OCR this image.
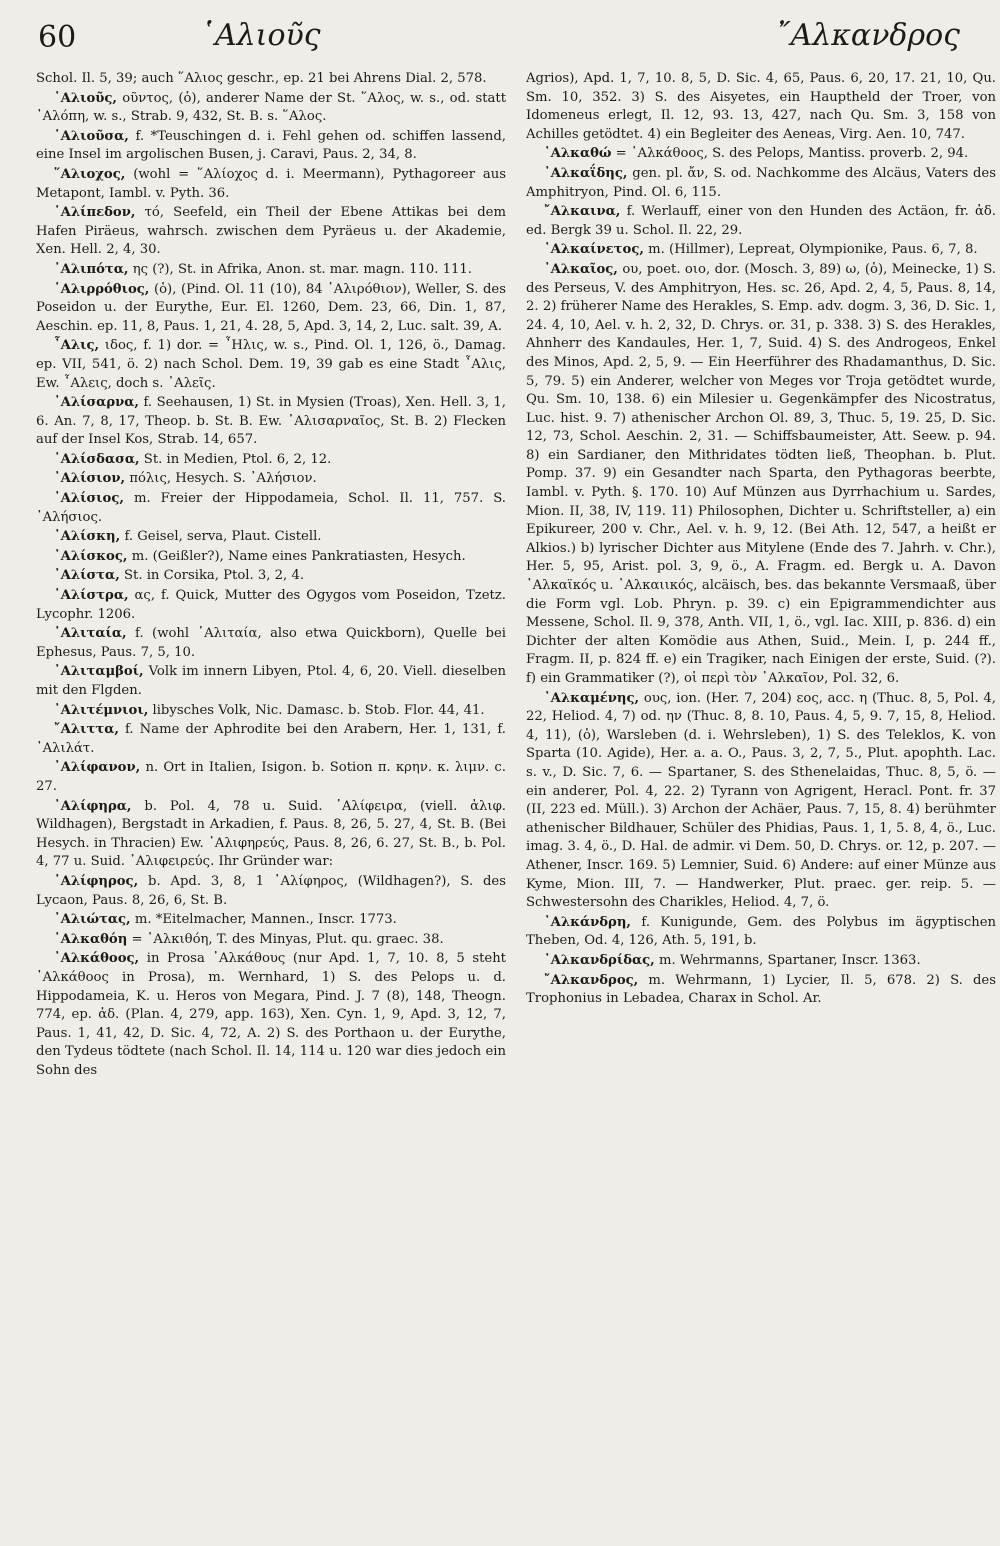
60	῾Αλιοῦς	῎Αλκανδρος

Schol. Il. 5, 39; auch ῞Αλιος geschr., ep. 21 bei Ahrens Dial. 2, 578.

῾Αλιοῦς, οῦντος, (ὁ), anderer Name der St. ῞Αλος, w. s., od. statt ᾽Αλόπη, w. s., Strab. 9, 432, St. B. s. ῞Αλος.

῾Αλιοῦσα, f. *Teuschingen d. i. Fehl gehen od. schiffen lassend, eine Insel im argolischen Busen, j. Caravi, Paus. 2, 34, 8.

῞Αλιοχος, (wohl = ῞Αλίοχος d. i. Meermann), Pythagoreer aus Metapont, Iambl. v. Pyth. 36.

῾Αλίπεδον, τό, Seefeld, ein Theil der Ebene Attikas bei dem Hafen Piräeus, wahrsch. zwischen dem Pyräeus u. der Akademie, Xen. Hell. 2, 4, 30.

᾽Αλιπότα, ης (?), St. in Afrika, Anon. st. mar. magn. 110. 111.

῾Αλιρρόθιος, (ὁ), (Pind. Ol. 11 (10), 84 ῾Αλιρόθιον), Weller, S. des Poseidon u. der Eurythe, Eur. El. 1260, Dem. 23, 66, Din. 1, 87, Aeschin. ep. 11, 8, Paus. 1, 21, 4. 28, 5, Apd. 3, 14, 2, Luc. salt. 39, A.

῏Αλις, ιδος, f. 1) dor. = ῏Ηλις, w. s., Pind. Ol. 1, 126, ö., Damag. ep. VII, 541, ö. 2) nach Schol. Dem. 19, 39 gab es eine Stadt ῏Αλις, Ew. ῏Αλεις, doch s. ᾽Αλεῖς.

᾽Αλίσαρνα, f. Seehausen, 1) St. in Mysien (Troas), Xen. Hell. 3, 1, 6. An. 7, 8, 17, Theop. b. St. B. Ew. ᾽Αλισαρναῖος, St. B. 2) Flecken auf der Insel Kos, Strab. 14, 657.

᾽Αλίσδασα, St. in Medien, Ptol. 6, 2, 12.

᾽Αλίσιον, πόλις, Hesych. S. ᾽Αλήσιον.

᾽Αλίσιος, m. Freier der Hippodameia, Schol. Il. 11, 757. S. ᾽Αλήσιος.

᾽Αλίσκη, f. Geisel, serva, Plaut. Cistell.

᾽Αλίσκος, m. (Geißler?), Name eines Pankratiasten, Hesych.

᾽Αλίστα, St. in Corsika, Ptol. 3, 2, 4.

᾽Αλίστρα, ας, f. Quick, Mutter des Ogygos vom Poseidon, Tzetz. Lycophr. 1206.

᾽Αλιταία, f. (wohl ᾽Αλιταία, also etwa Quickborn), Quelle bei Ephesus, Paus. 7, 5, 10.

᾽Αλιταμβοί, Volk im innern Libyen, Ptol. 4, 6, 20. Viell. dieselben mit den Flgden.

᾽Αλιτέμνιοι, libysches Volk, Nic. Damasc. b. Stob. Flor. 44, 41.

῎Αλιττα, f. Name der Aphrodite bei den Arabern, Her. 1, 131, f. ᾽Αλιλάτ.

᾽Αλίφανον, n. Ort in Italien, Isigon. b. Sotion π. κρην. κ. λιμν. c. 27.

᾽Αλίφηρα, b. Pol. 4, 78 u. Suid. ᾽Αλίφειρα, (viell. ἀλιφ. Wildhagen), Bergstadt in Arkadien, f. Paus. 8, 26, 5. 27, 4, St. B. (Bei Hesych. in Thracien) Ew. ᾽Αλιφηρεύς, Paus. 8, 26, 6. 27, St. B., b. Pol. 4, 77 u. Suid. ᾽Αλιφειρεύς. Ihr Gründer war:

᾽Αλίφηρος, b. Apd. 3, 8, 1 ᾽Αλίφηρος, (Wildhagen?), S. des Lycaon, Paus. 8, 26, 6, St. B.

᾽Αλιώτας, m. *Eitelmacher, Mannen., Inscr. 1773.

᾽Αλκαθόη = ᾽Αλκιθόη, T. des Minyas, Plut. qu. graec. 38.

᾽Αλκάθοος, in Prosa ᾽Αλκάθους (nur Apd. 1, 7, 10. 8, 5 steht ᾽Αλκάθοος in Prosa), m. Wernhard, 1) S. des Pelops u. d. Hippodameia, K. u. Heros von Megara, Pind. J. 7 (8), 148, Theogn. 774, ep. ἀδ. (Plan. 4, 279, app. 163), Xen. Cyn. 1, 9, Apd. 3, 12, 7, Paus. 1, 41, 42, D. Sic. 4, 72, A. 2) S. des Porthaon u. der Eurythe, den Tydeus tödtete (nach Schol. Il. 14, 114 u. 120 war dies jedoch ein Sohn des

Agrios), Apd. 1, 7, 10. 8, 5, D. Sic. 4, 65, Paus. 6, 20, 17. 21, 10, Qu. Sm. 10, 352. 3) S. des Aisyetes, ein Hauptheld der Troer, von Idomeneus erlegt, Il. 12, 93. 13, 427, nach Qu. Sm. 3, 158 von Achilles getödtet. 4) ein Begleiter des Aeneas, Virg. Aen. 10, 747.

᾽Αλκαθώ = ᾽Αλκάθοος, S. des Pelops, Mantiss. proverb. 2, 94.

᾽Αλκαΐδης, gen. pl. ἄν, S. od. Nachkomme des Alcäus, Vaters des Amphitryon, Pind. Ol. 6, 115.

῎Αλκαινα, f. Werlauff, einer von den Hunden des Actäon, fr. ἀδ. ed. Bergk 39 u. Schol. Il. 22, 29.

᾽Αλκαίνετος, m. (Hillmer), Lepreat, Olympionike, Paus. 6, 7, 8.

᾽Αλκαῖος, ου, poet. οιο, dor. (Mosch. 3, 89) ω, (ὁ), Meinecke, 1) S. des Perseus, V. des Amphitryon, Hes. sc. 26, Apd. 2, 4, 5, Paus. 8, 14, 2. 2) früherer Name des Herakles, S. Emp. adv. dogm. 3, 36, D. Sic. 1, 24. 4, 10, Ael. v. h. 2, 32, D. Chrys. or. 31, p. 338. 3) S. des Herakles, Ahnherr des Kandaules, Her. 1, 7, Suid. 4) S. des Androgeos, Enkel des Minos, Apd. 2, 5, 9. — Ein Heerführer des Rhadamanthus, D. Sic. 5, 79. 5) ein Anderer, welcher von Meges vor Troja getödtet wurde, Qu. Sm. 10, 138. 6) ein Milesier u. Gegenkämpfer des Nicostratus, Luc. hist. 9. 7) athenischer Archon Ol. 89, 3, Thuc. 5, 19. 25, D. Sic. 12, 73, Schol. Aeschin. 2, 31. — Schiffsbaumeister, Att. Seew. p. 94. 8) ein Sardianer, den Mithridates tödten ließ, Theophan. b. Plut. Pomp. 37. 9) ein Gesandter nach Sparta, den Pythagoras beerbte, Iambl. v. Pyth. §. 170. 10) Auf Münzen aus Dyrrhachium u. Sardes, Mion. II, 38, IV, 119. 11) Philosophen, Dichter u. Schriftsteller, a) ein Epikureer, 200 v. Chr., Ael. v. h. 9, 12. (Bei Ath. 12, 547, a heißt er Alkios.) b) lyrischer Dichter aus Mitylene (Ende des 7. Jahrh. v. Chr.), Her. 5, 95, Arist. pol. 3, 9, ö., A. Fragm. ed. Bergk u. A. Davon ᾽Αλκαϊκός u. ᾽Αλκαιικός, alcäisch, bes. das bekannte Versmaaß, über die Form vgl. Lob. Phryn. p. 39. c) ein Epigrammendichter aus Messene, Schol. Il. 9, 378, Anth. VII, 1, ö., vgl. Iac. XIII, p. 836. d) ein Dichter der alten Komödie aus Athen, Suid., Mein. I, p. 244 ff., Fragm. II, p. 824 ff. e) ein Tragiker, nach Einigen der erste, Suid. (?). f) ein Grammatiker (?), οἱ περὶ τὸν ᾽Αλκαῖον, Pol. 32, 6.

᾽Αλκαμένης, ους, ion. (Her. 7, 204) εος, acc. η (Thuc. 8, 5, Pol. 4, 22, Heliod. 4, 7) od. ην (Thuc. 8, 8. 10, Paus. 4, 5, 9. 7, 15, 8, Heliod. 4, 11), (ὁ), Warsleben (d. i. Wehrsleben), 1) S. des Teleklos, K. von Sparta (10. Agide), Her. a. a. O., Paus. 3, 2, 7, 5., Plut. apophth. Lac. s. v., D. Sic. 7, 6. — Spartaner, S. des Sthenelaidas, Thuc. 8, 5, ö. — ein anderer, Pol. 4, 22. 2) Tyrann von Agrigent, Heracl. Pont. fr. 37 (II, 223 ed. Müll.). 3) Archon der Achäer, Paus. 7, 15, 8. 4) berühmter athenischer Bildhauer, Schüler des Phidias, Paus. 1, 1, 5. 8, 4, ö., Luc. imag. 3. 4, ö., D. Hal. de admir. vi Dem. 50, D. Chrys. or. 12, p. 207. — Athener, Inscr. 169. 5) Lemnier, Suid. 6) Andere: auf einer Münze aus Kyme, Mion. III, 7. — Handwerker, Plut. praec. ger. reip. 5. — Schwestersohn des Charikles, Heliod. 4, 7, ö.

᾽Αλκάνδρη, f. Kunigunde, Gem. des Polybus im ägyptischen Theben, Od. 4, 126, Ath. 5, 191, b.

᾽Αλκανδρίδας, m. Wehrmanns, Spartaner, Inscr. 1363.

῎Αλκανδρος, m. Wehrmann, 1) Lycier, Il. 5, 678. 2) S. des Trophonius in Lebadea, Charax in Schol. Ar.
